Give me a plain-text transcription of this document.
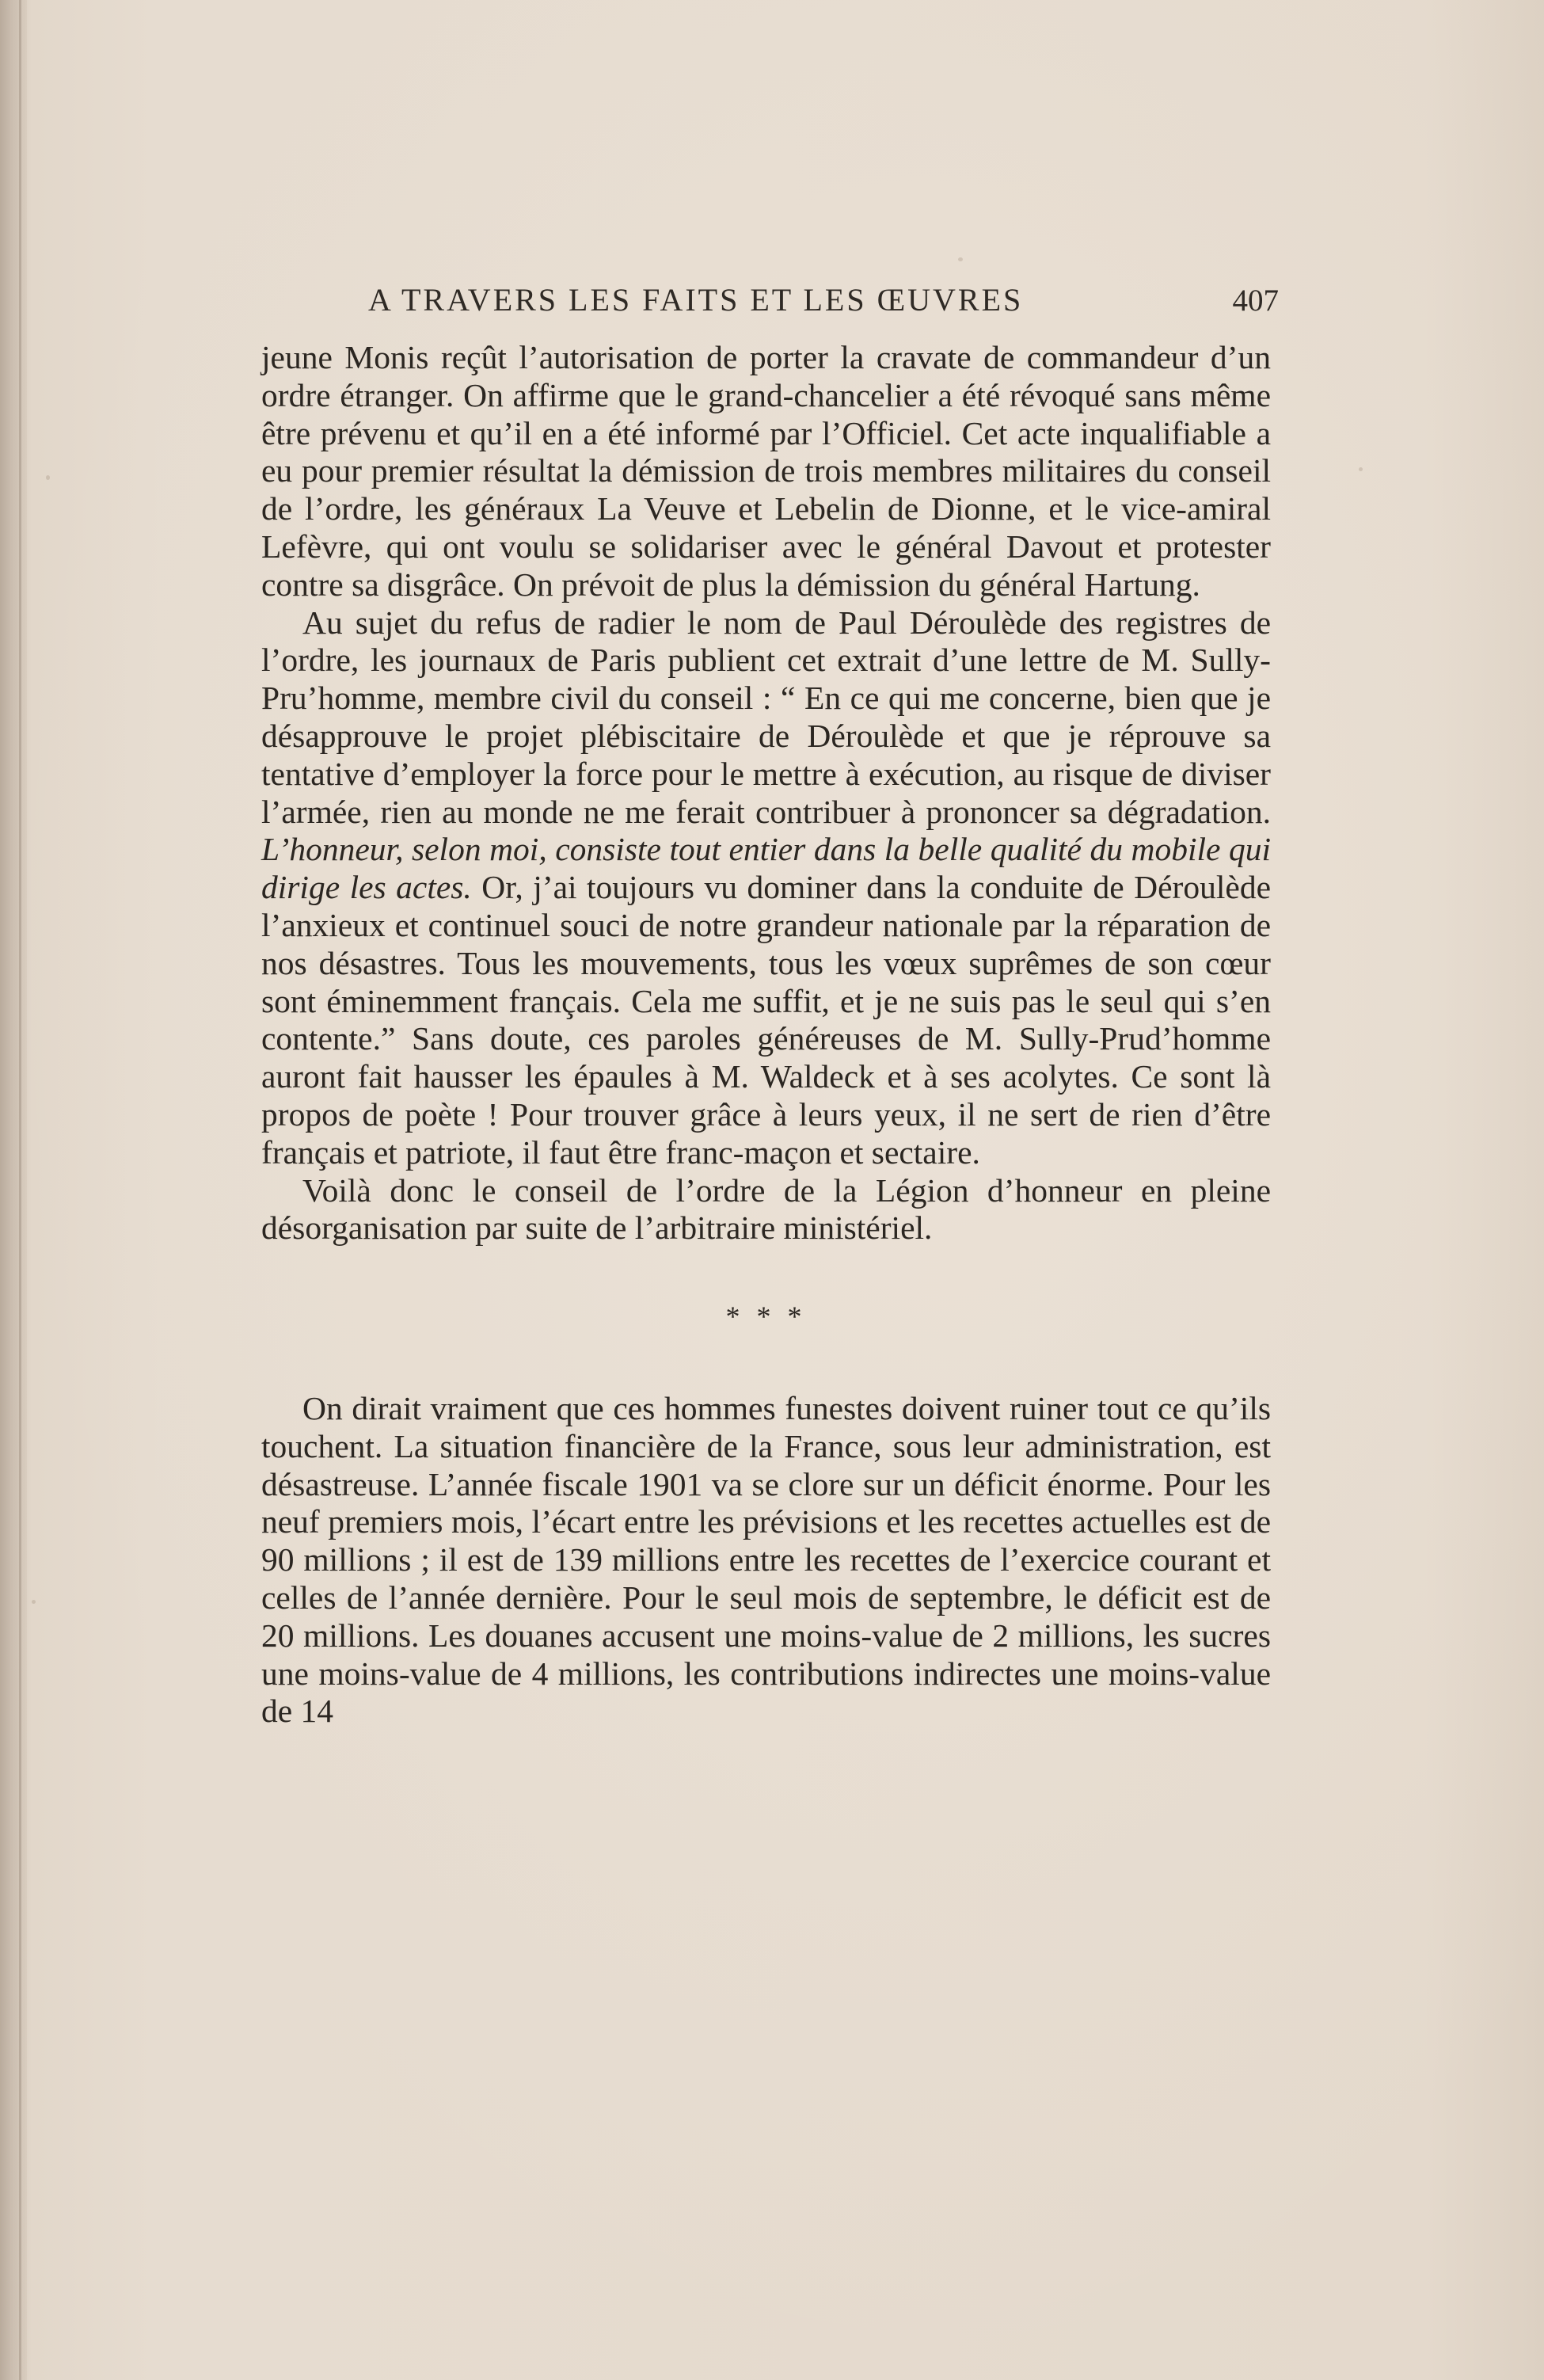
A TRAVERS LES FAITS ET LES ŒUVRES	407

jeune Monis reçût l’autorisation de porter la cravate de commandeur d’un ordre étranger. On affirme que le grand-chancelier a été révoqué sans même être prévenu et qu’il en a été informé par l’Officiel. Cet acte inqualifiable a eu pour premier résultat la démission de trois membres militaires du conseil de l’ordre, les généraux La Veuve et Lebelin de Dionne, et le vice-amiral Lefèvre, qui ont voulu se solidariser avec le général Davout et protester contre sa disgrâce. On prévoit de plus la démission du général Hartung.

Au sujet du refus de radier le nom de Paul Déroulède des registres de l’ordre, les journaux de Paris publient cet extrait d’une lettre de M. Sully-Pru’homme, membre civil du conseil : “ En ce qui me concerne, bien que je désapprouve le projet plébiscitaire de Déroulède et que je réprouve sa tentative d’employer la force pour le mettre à exécution, au risque de diviser l’armée, rien au monde ne me ferait contribuer à prononcer sa dégradation. L’honneur, selon moi, consiste tout entier dans la belle qualité du mobile qui dirige les actes. Or, j’ai toujours vu dominer dans la conduite de Déroulède l’anxieux et continuel souci de notre grandeur nationale par la réparation de nos désastres. Tous les mouvements, tous les vœux suprêmes de son cœur sont éminemment français. Cela me suffit, et je ne suis pas le seul qui s’en contente.” Sans doute, ces paroles généreuses de M. Sully-Prud’homme auront fait hausser les épaules à M. Waldeck et à ses acolytes. Ce sont là propos de poète ! Pour trouver grâce à leurs yeux, il ne sert de rien d’être français et patriote, il faut être franc-maçon et sectaire.

Voilà donc le conseil de l’ordre de la Légion d’honneur en pleine désorganisation par suite de l’arbitraire ministériel.

* * *

On dirait vraiment que ces hommes funestes doivent ruiner tout ce qu’ils touchent. La situation financière de la France, sous leur administration, est désastreuse. L’année fiscale 1901 va se clore sur un déficit énorme. Pour les neuf premiers mois, l’écart entre les prévisions et les recettes actuelles est de 90 millions ; il est de 139 millions entre les recettes de l’exercice courant et celles de l’année dernière. Pour le seul mois de septembre, le déficit est de 20 millions. Les douanes accusent une moins-value de 2 millions, les sucres une moins-value de 4 millions, les contributions indirectes une moins-value de 14
